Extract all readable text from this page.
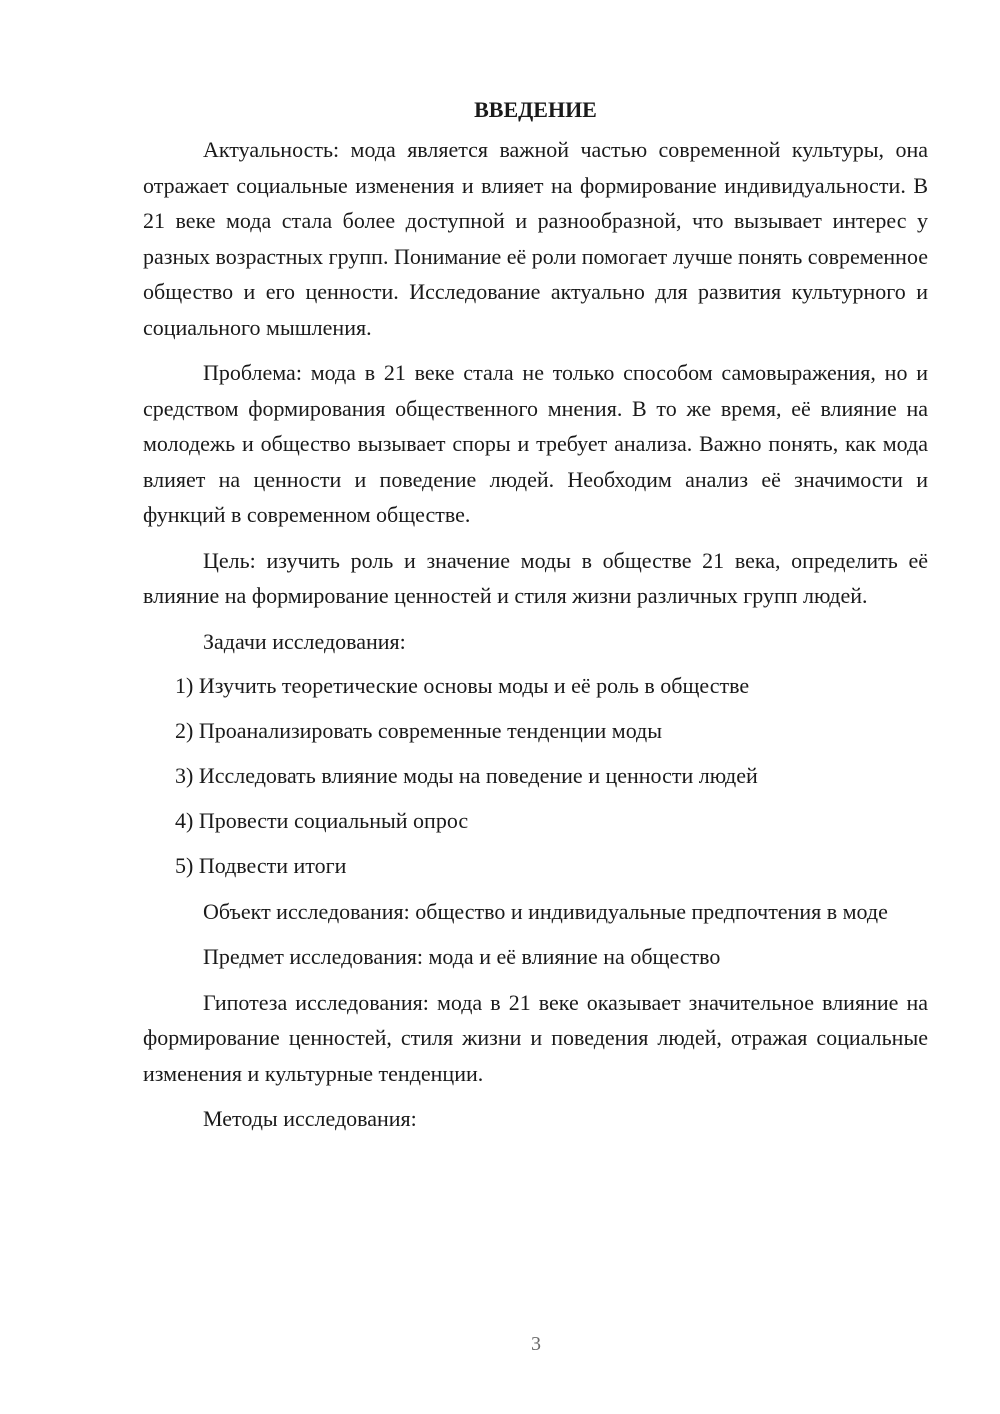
ВВЕДЕНИЕ

Актуальность: мода является важной частью современной культуры, она отражает социальные изменения и влияет на формирование индивидуальности. В 21 веке мода стала более доступной и разнообразной, что вызывает интерес у разных возрастных групп. Понимание её роли помогает лучше понять современное общество и его ценности. Исследование актуально для развития культурного и социального мышления.

Проблема: мода в 21 веке стала не только способом самовыражения, но и средством формирования общественного мнения. В то же время, её влияние на молодежь и общество вызывает споры и требует анализа. Важно понять, как мода влияет на ценности и поведение людей. Необходим анализ её значимости и функций в современном обществе.

Цель: изучить роль и значение моды в обществе 21 века, определить её влияние на формирование ценностей и стиля жизни различных групп людей.

Задачи исследования:

1) Изучить теоретические основы моды и её роль в обществе
2) Проанализировать современные тенденции моды
3) Исследовать влияние моды на поведение и ценности людей
4) Провести социальный опрос
5) Подвести итоги

Объект исследования: общество и индивидуальные предпочтения в моде

Предмет исследования: мода и её влияние на общество

Гипотеза исследования: мода в 21 веке оказывает значительное влияние на формирование ценностей, стиля жизни и поведения людей, отражая социальные изменения и культурные тенденции.

Методы исследования:

3
